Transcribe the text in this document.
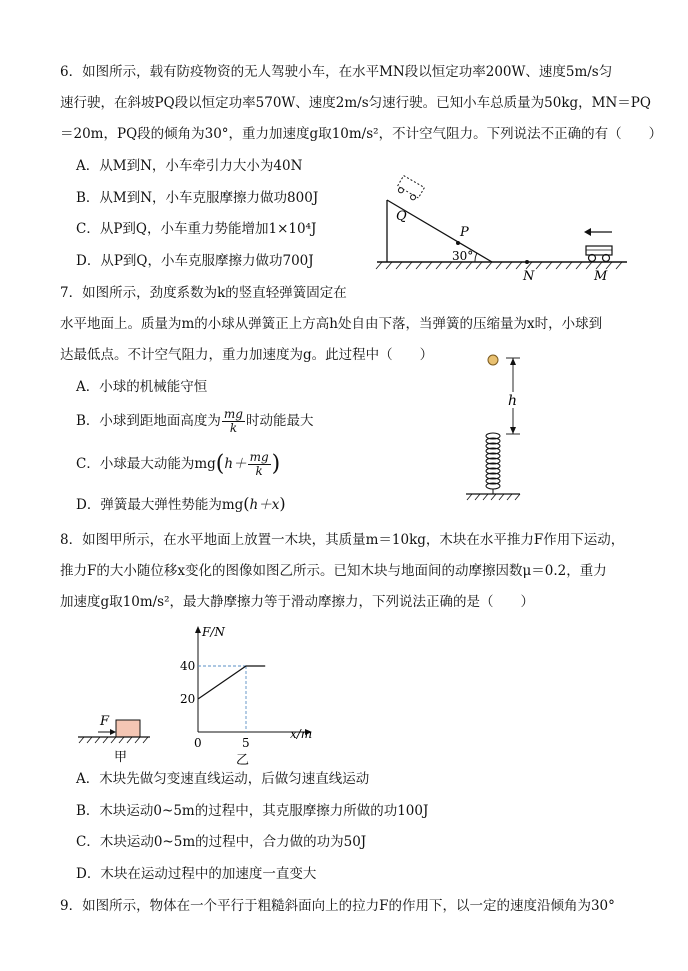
6．如图所示，载有防疫物资的无人驾驶小车，在水平MN段以恒定功率200W、速度5m/s匀
速行驶，在斜坡PQ段以恒定功率570W、速度2m/s匀速行驶。已知小车总质量为50kg，MN＝PQ
＝20m，PQ段的倾角为30°，重力加速度g取10m/s²，不计空气阻力。下列说法不正确的有（　　）
A．从M到N，小车牵引力大小为40N
B．从M到N，小车克服摩擦力做功800J
C．从P到Q，小车重力势能增加1×10⁴J
D．从P到Q，小车克服摩擦力做功700J
Q
P
30°
N	M
7．如图所示，劲度系数为k的竖直轻弹簧固定在
水平地面上。质量为m的小球从弹簧正上方高h处自由下落，当弹簧的压缩量为x时，小球到
达最低点。不计空气阻力，重力加速度为g。此过程中（　　）
A．小球的机械能守恒
B．小球到距地面高度为 $\frac{mg}{k}$ 时动能最大
C．小球最大动能为$mg(h+ \frac{mg}{k}$ )
D．弹簧最大弹性势能为mg(h＋x)
h
8．如图甲所示，在水平地面上放置一木块，其质量m＝10kg，木块在水平推力F作用下运动，
推力F的大小随位移x变化的图像如图乙所示。已知木块与地面间的动摩擦因数μ＝0.2，重力
加速度g取10m/s²，最大静摩擦力等于滑动摩擦力，下列说法正确的是（　　）
F
甲
F/N
x/m
20
40
0	5
乙
A．木块先做匀变速直线运动，后做匀速直线运动
B．木块运动0~5m的过程中，其克服摩擦力所做的功100J
C．木块运动0~5m的过程中，合力做的功为50J
D．木块在运动过程中的加速度一直变大
9．如图所示，物体在一个平行于粗糙斜面向上的拉力F的作用下，以一定的速度沿倾角为30°
